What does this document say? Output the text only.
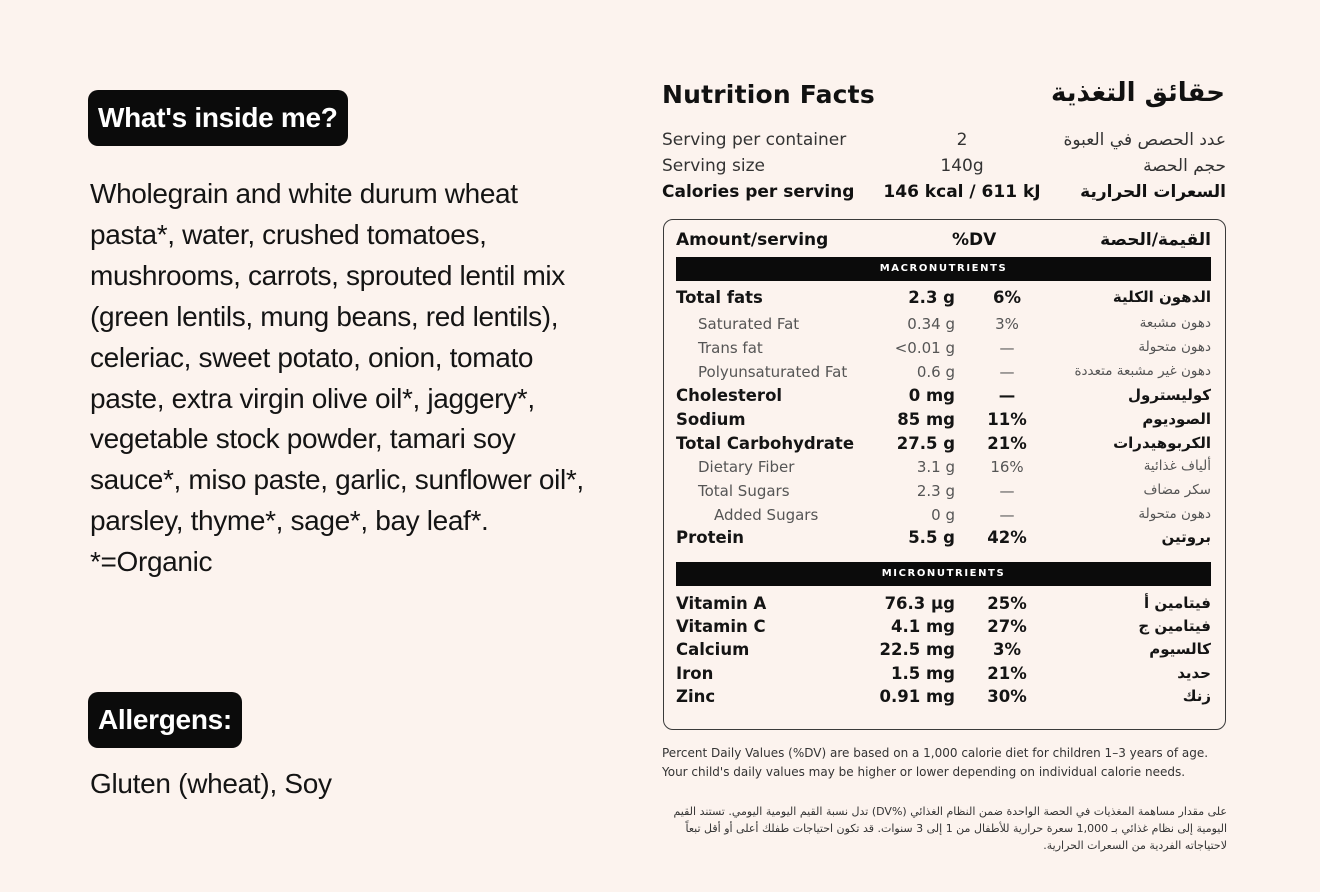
What's inside me?
Wholegrain and white durum wheat pasta*, water, crushed tomatoes, mushrooms, carrots, sprouted lentil mix (green lentils, mung beans, red lentils), celeriac, sweet potato, onion, tomato paste, extra virgin olive oil*, jaggery*, vegetable stock powder, tamari soy sauce*, miso paste, garlic, sunflower oil*, parsley, thyme*, sage*, bay leaf*. *=Organic
Allergens:
Gluten (wheat), Soy
Nutrition Facts	حقائق التغذية
Serving per container	2	عدد الحصص في العبوة
Serving size	140g	حجم الحصة
Calories per serving	146 kcal / 611 kJ	السعرات الحرارية
Amount/serving	%DV	القيمة/الحصة
MACRONUTRIENTS
Total fats	2.3 g	6%	الدهون الكلية
Saturated Fat	0.34 g	3%	دهون مشبعة
Trans fat	<0.01 g	—	دهون متحولة
Polyunsaturated Fat	0.6 g	—	دهون غير مشبعة متعددة
Cholesterol	0 mg	—	كوليسترول
Sodium	85 mg	11%	الصوديوم
Total Carbohydrate	27.5 g	21%	الكربوهيدرات
Dietary Fiber	3.1 g	16%	ألياف غذائية
Total Sugars	2.3 g	—	سكر مضاف
Added Sugars	0 g	—	دهون متحولة
Protein	5.5 g	42%	بروتين
MICRONUTRIENTS
Vitamin A	76.3 µg	25%	فيتامين أ
Vitamin C	4.1 mg	27%	فيتامين ج
Calcium	22.5 mg	3%	كالسيوم
Iron	1.5 mg	21%	حديد
Zinc	0.91 mg	30%	زنك
Percent Daily Values (%DV) are based on a 1,000 calorie diet for children 1–3 years of age. Your child's daily values may be higher or lower depending on individual calorie needs.
على مقدار مساهمة المغذيات في الحصة الواحدة ضمن النظام الغذائي (%DV) تدل نسبة القيم اليومية اليومي. تستند القيم اليومية إلى نظام غذائي بـ 1,000 سعرة حرارية للأطفال من 1 إلى 3 سنوات. قد تكون احتياجات طفلك أعلى أو أقل تبعاً لاحتياجاته الفردية من السعرات الحرارية.
